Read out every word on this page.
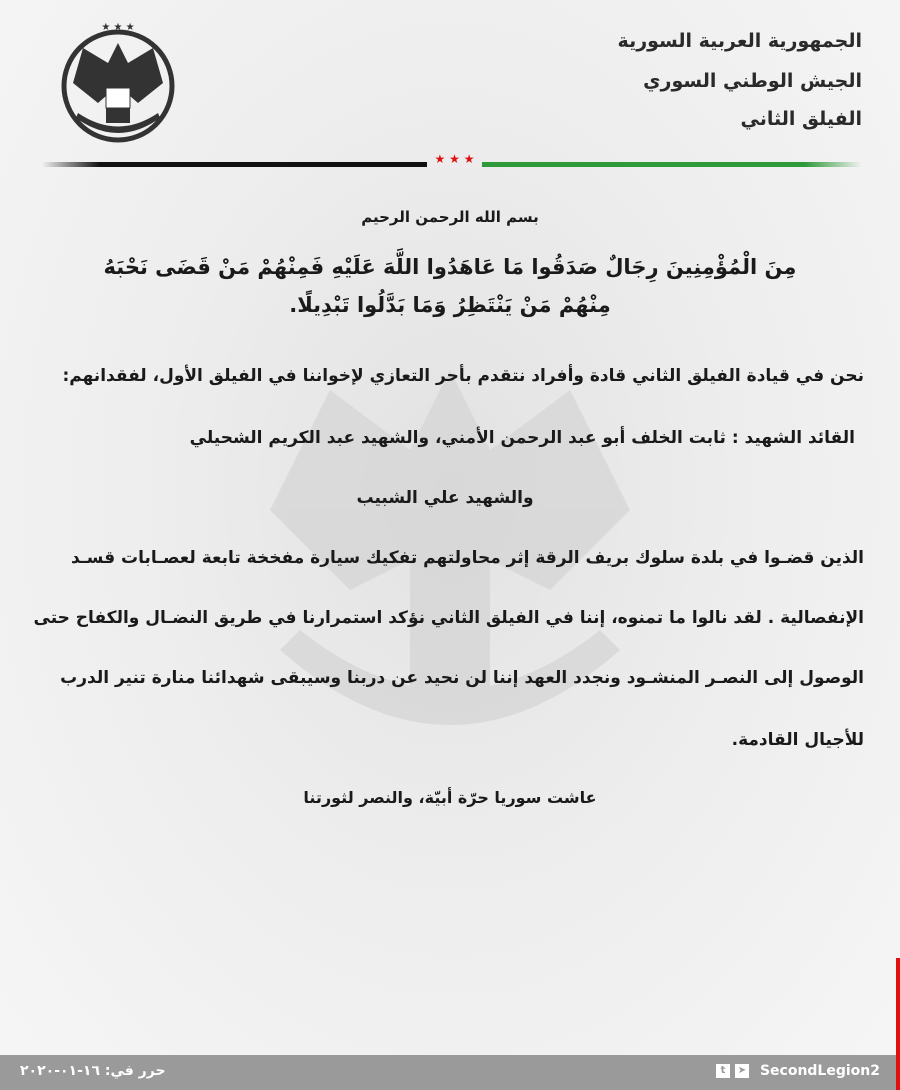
★ ★ ★
الجمهورية العربية السورية
الجيش الوطني السوري
الفيلق الثاني
★ ★ ★
بسم الله الرحمن الرحيم
مِنَ الْمُؤْمِنِينَ رِجَالٌ صَدَقُوا مَا عَاهَدُوا اللَّهَ عَلَيْهِ فَمِنْهُمْ مَنْ قَضَى نَحْبَهُ
مِنْهُمْ مَنْ يَنْتَظِرُ وَمَا بَدَّلُوا تَبْدِيلًا.
نحن في قيادة الفيلق الثاني قادة وأفراد نتقدم بأحر التعازي لإخواننا في الفيلق الأول، لفقدانهم:
القائد الشهيد : ثابت الخلف أبو عبد الرحمن الأمني، والشهيد عبد الكريم الشحيلي
والشهيد علي الشبيب
الذين قضـوا في بلدة سلوك بريف الرقة إثر محاولتهم تفكيك سيارة مفخخة تابعة لعصـابات قسـد
الإنفصالية . لقد نالوا ما تمنوه، إننا في الفيلق الثاني نؤكد استمرارنا في طريق النضـال والكفاح حتى
الوصول إلى النصـر المنشـود ونجدد العهد إننا لن نحيد عن دربنا وسيبقى شهدائنا منارة تنير الدرب
للأجيال القادمة.
عاشت سوريا حرّة أبيّة، والنصر لثورتنا
حرر في: ١٦-٠١-٢٠٢٠	t	➤ SecondLegion2
